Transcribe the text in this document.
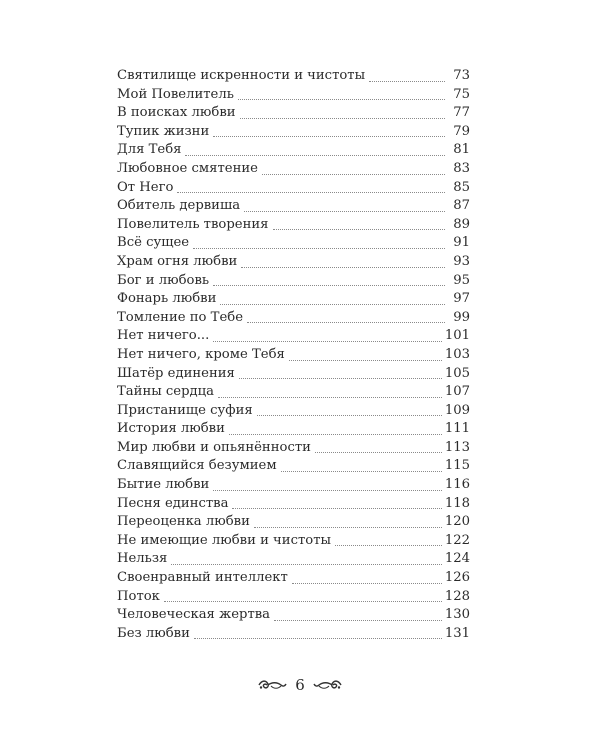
Святилище искренности и чистоты	73
Мой Повелитель	75
В поисках любви	77
Тупик жизни	79
Для Тебя	81
Любовное смятение	83
От Него	85
Обитель дервиша	87
Повелитель творения	89
Всё сущее	91
Храм огня любви	93
Бог и любовь	95
Фонарь любви	97
Томление по Тебе	99
Нет ничего...	101
Нет ничего, кроме Тебя	103
Шатёр единения	105
Тайны сердца	107
Пристанище суфия	109
История любви	111
Мир любви и опьянённости	113
Славящийся безумием	115
Бытие любви	116
Песня единства	118
Переоценка любви	120
Не имеющие любви и чистоты	122
Нельзя	124
Своенравный интеллект	126
Поток	128
Человеческая жертва	130
Без любви	131
6
